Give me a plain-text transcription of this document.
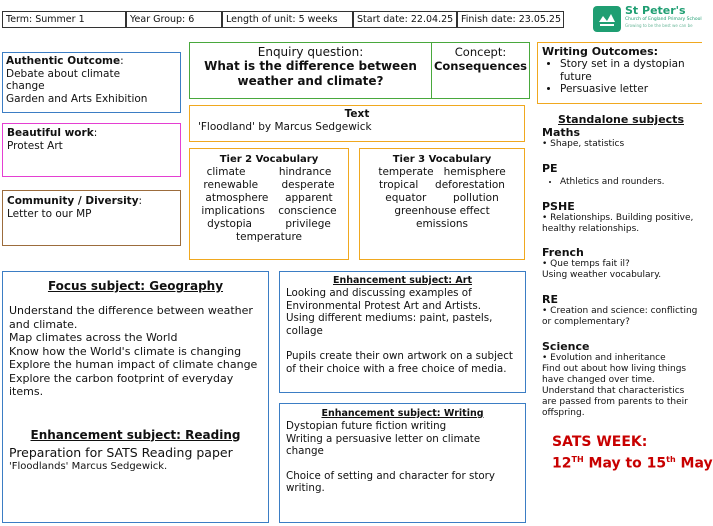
Term: Summer 1	Year Group: 6	Length of unit: 5 weeks	Start date: 22.04.25 Finish date: 23.05.25
St Peter's
Church of England Primary School
Growing to be the best we can be
Authentic Outcome:
Debate about climate
change
Garden and Arts Exhibition
Beautiful work:
Protest Art
Community / Diversity:
Letter to our MP
Enquiry question:
What is the difference between
weather and climate?
Concept:
Consequences
Text
'Floodland' by Marcus Sedgewick
Tier 2 Vocabulary
climate          hindrance
renewable       desperate
atmosphere     apparent
implications    conscience
dystopia          privilege
temperature
Tier 3 Vocabulary
temperate   hemisphere
tropical     deforestation
equator        pollution
greenhouse effect
emissions
Writing Outcomes:
• Story set in a dystopian future
• Persuasive letter
Standalone subjects
Maths
• Shape, statistics
PE
• Athletics and rounders.
PSHE
• Relationships. Building positive, healthy relationships.
French
• Que temps fait il?
Using weather vocabulary.
RE
• Creation and science: conflicting or complementary?
Science
• Evolution and inheritance
Find out about how living things have changed over time. Understand that characteristics are passed from parents to their offspring.
SATS WEEK:
12TH May to 15th May
Focus subject: Geography
Understand the difference between weather and climate.
Map climates across the World
Know how the World's climate is changing
Explore the human impact of climate change
Explore the carbon footprint of everyday items.
Enhancement subject: Reading
Preparation for SATS Reading paper
'Floodlands' Marcus Sedgewick.
Enhancement subject: Art
Looking and discussing examples of Environmental Protest Art and Artists.
Using different mediums: paint, pastels, collage
Pupils create their own artwork on a subject of their choice with a free choice of media.
Enhancement subject: Writing
Dystopian future fiction writing
Writing a persuasive letter on climate change
Choice of setting and character for story writing.
